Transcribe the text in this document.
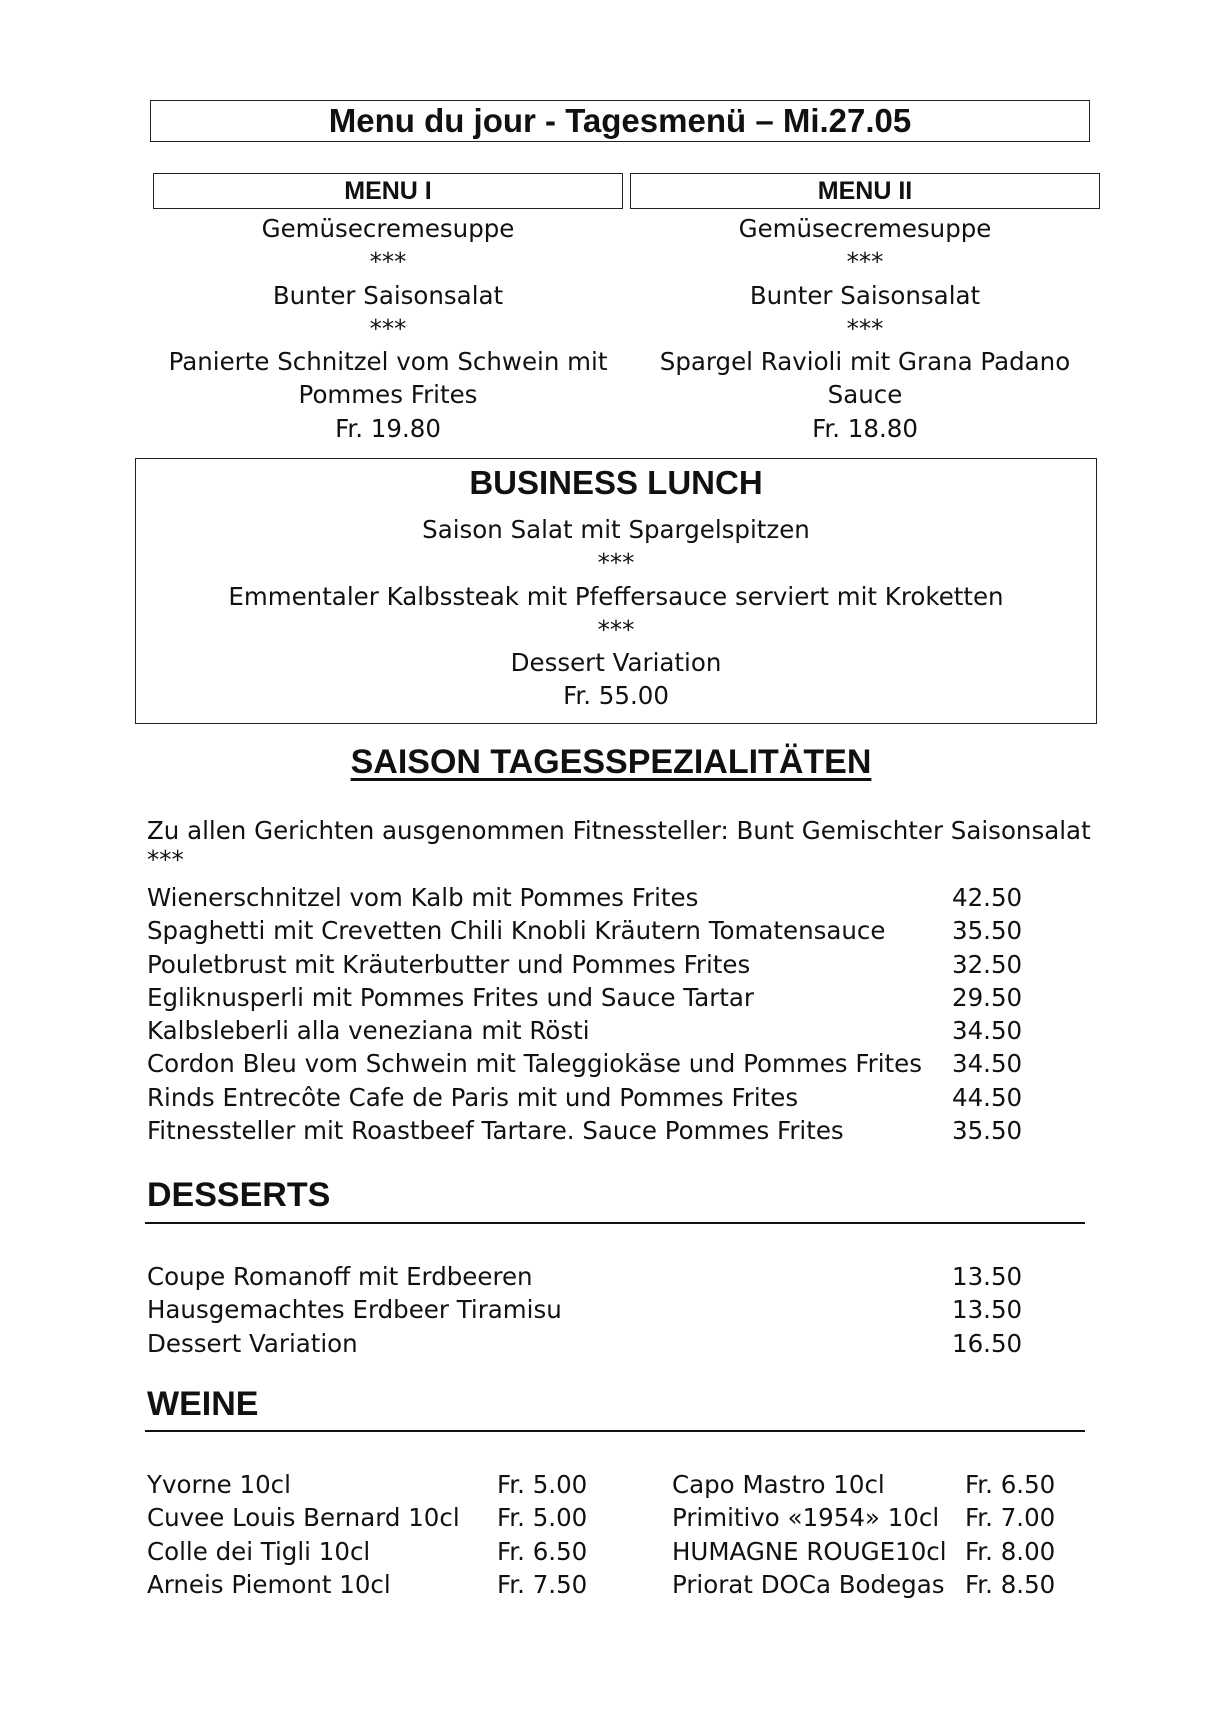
Menu du jour - Tagesmenü – Mi.27.05
MENU I	MENU II
Gemüsecremesuppe
***
Bunter Saisonsalat
***
Panierte Schnitzel vom Schwein mit
Pommes Frites
Fr. 19.80
Gemüsecremesuppe
***
Bunter Saisonsalat
***
Spargel Ravioli mit Grana Padano
Sauce
Fr. 18.80
BUSINESS LUNCH
Saison Salat mit Spargelspitzen
***
Emmentaler Kalbssteak mit Pfeffersauce serviert mit Kroketten
***
Dessert Variation
Fr. 55.00
SAISON TAGESSPEZIALITÄTEN
Zu allen Gerichten ausgenommen Fitnessteller: Bunt Gemischter Saisonsalat
***
Wienerschnitzel vom Kalb mit Pommes Frites	42.50
Spaghetti mit Crevetten Chili Knobli Kräutern Tomatensauce	35.50
Pouletbrust mit Kräuterbutter und Pommes Frites	32.50
Egliknusperli mit Pommes Frites und Sauce Tartar	29.50
Kalbsleberli alla veneziana mit Rösti	34.50
Cordon Bleu vom Schwein mit Taleggiokäse und Pommes Frites 34.50
Rinds Entrecôte Cafe de Paris mit und Pommes Frites	44.50
Fitnessteller mit Roastbeef Tartare. Sauce Pommes Frites	35.50
DESSERTS
Coupe Romanoff mit Erdbeeren	13.50
Hausgemachtes Erdbeer Tiramisu	13.50
Dessert Variation	16.50
WEINE
Yvorne 10cl	Fr. 5.00
Cuvee Louis Bernard 10cl Fr. 5.00
Colle dei Tigli 10cl	Fr. 6.50
Arneis Piemont 10cl	Fr. 7.50
Capo Mastro 10cl	Fr. 6.50
Primitivo «1954» 10cl Fr. 7.00
HUMAGNE ROUGE10cl Fr. 8.00
Priorat DOCa Bodegas Fr. 8.50
